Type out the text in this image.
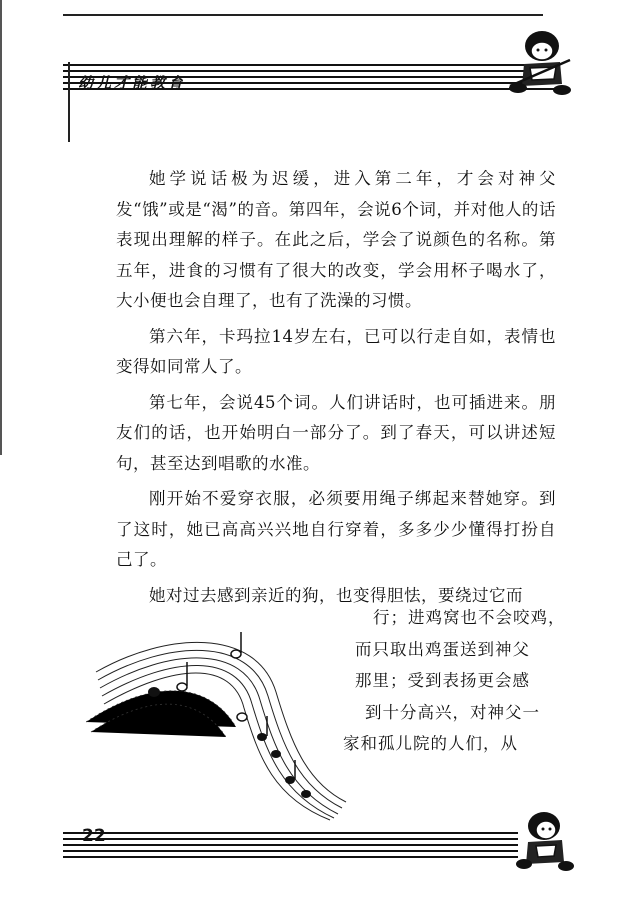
幼儿才能教育

她学说话极为迟缓，进入第二年，才会对神父发“饿”或是“渴”的音。第四年，会说6个词，并对他人的话表现出理解的样子。在此之后，学会了说颜色的名称。第五年，进食的习惯有了很大的改变，学会用杯子喝水了，大小便也会自理了，也有了洗澡的习惯。

第六年，卡玛拉14岁左右，已可以行走自如，表情也变得如同常人了。

第七年，会说45个词。人们讲话时，也可插进来。朋友们的话，也开始明白一部分了。到了春天，可以讲述短句，甚至达到唱歌的水准。

刚开始不爱穿衣服，必须要用绳子绑起来替她穿。到了这时，她已高高兴兴地自行穿着，多多少少懂得打扮自己了。

她对过去感到亲近的狗，也变得胆怯，要绕过它而

行；进鸡窝也不会咬鸡，
而只取出鸡蛋送到神父
那里；受到表扬更会感
到十分高兴，对神父一
家和孤儿院的人们，从
22
